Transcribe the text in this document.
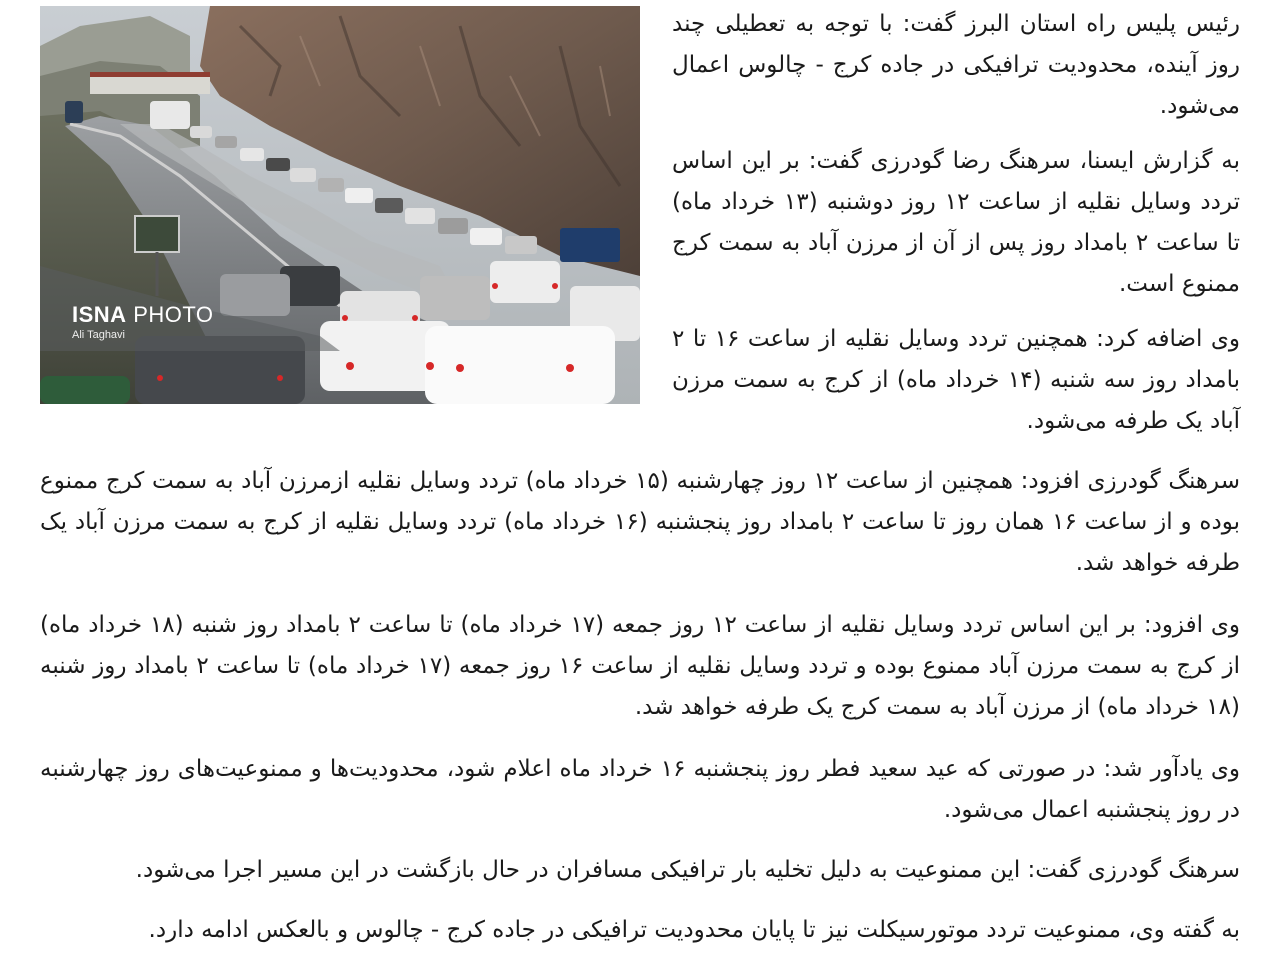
ISNA PHOTO
Ali Taghavi

رئیس پلیس راه استان البرز گفت: با توجه به تعطیلی چند روز آینده، محدودیت ترافیکی در جاده کرج - چالوس اعمال می‌شود.

به گزارش ایسنا، سرهنگ رضا گودرزی گفت: بر این اساس تردد وسایل نقلیه از ساعت ۱۲ روز دوشنبه (۱۳ خرداد ماه) تا ساعت ۲ بامداد روز پس از آن از مرزن آباد به سمت کرج ممنوع است.

وی اضافه کرد: همچنین تردد وسایل نقلیه از ساعت ۱۶ تا ۲ بامداد روز سه شنبه (۱۴ خرداد ماه) از کرج به سمت مرزن آباد یک طرفه می‌شود.

سرهنگ گودرزی افزود: همچنین از ساعت ۱۲ روز چهارشنبه (۱۵ خرداد ماه) تردد وسایل نقلیه ازمرزن آباد به سمت کرج ممنوع بوده و از ساعت ۱۶ همان روز تا ساعت ۲ بامداد روز پنجشنبه (۱۶ خرداد ماه) تردد وسایل نقلیه از کرج به سمت مرزن آباد یک طرفه خواهد شد.

وی افزود: بر این اساس تردد وسایل نقلیه از ساعت ۱۲ روز جمعه (۱۷ خرداد ماه) تا ساعت ۲ بامداد روز شنبه (۱۸ خرداد ماه) از کرج به سمت مرزن آباد ممنوع بوده و تردد وسایل نقلیه از ساعت ۱۶ روز جمعه (۱۷ خرداد ماه) تا ساعت ۲ بامداد روز شنبه (۱۸ خرداد ماه) از مرزن آباد به سمت کرج یک طرفه خواهد شد.

وی یادآور شد: در صورتی که عید سعید فطر روز پنجشنبه ۱۶ خرداد ماه اعلام شود، محدودیت‌ها و ممنوعیت‌های روز چهارشنبه در روز پنجشنبه اعمال می‌شود.

سرهنگ گودرزی گفت: این ممنوعیت به دلیل تخلیه بار ترافیکی مسافران در حال بازگشت در این مسیر اجرا می‌شود.

به گفته وی، ممنوعیت تردد موتورسیکلت نیز تا پایان محدودیت ترافیکی در جاده کرج - چالوس و بالعکس ادامه دارد.
